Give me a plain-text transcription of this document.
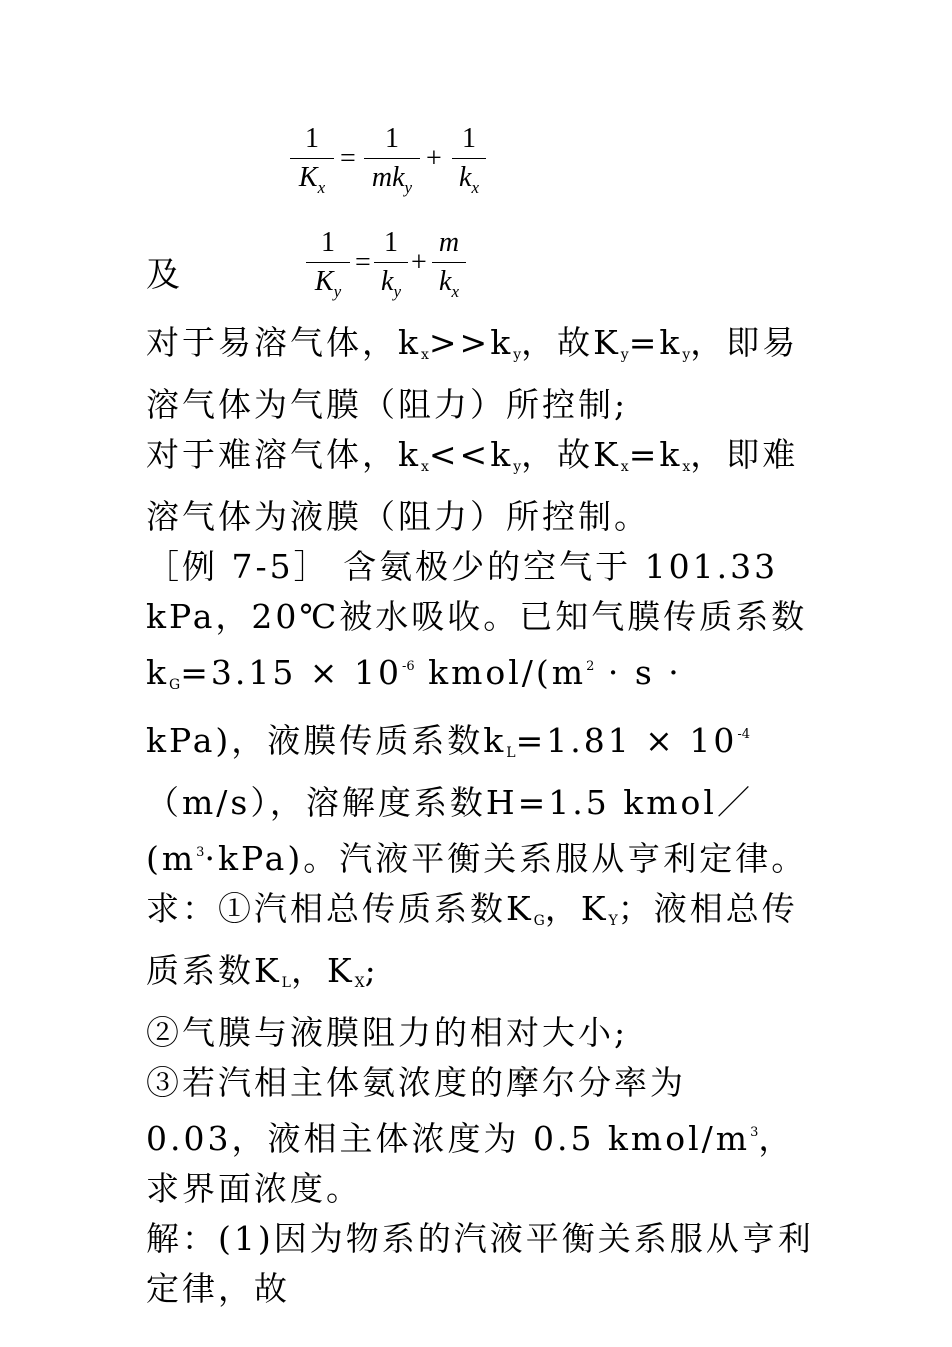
1
$K_x$
=
1
$mk_y$
+
1
$k_x$
及
1
$K_y$
=
1
$k_y$
+
m
$k_x$

对于易溶气体，kx>>ky，故Ky=ky，即易溶气体为气膜（阻力）所控制;

对于难溶气体，kx<<ky，故Kx=kx，即难溶气体为液膜（阻力）所控制。

［例 7-5］ 含氨极少的空气于 101.33 kPa，20℃被水吸收。已知气膜传质系数$kG=3.15 \times 10^{-6}$ kmol/$(m^2 \cdot s \cdot kPa)$，液膜传质系数$kL=1.81 \times 10^{-4}$ （m/s），溶解度系数H=1.5 $kmol/(m^3\cdot kPa)$。汽液平衡关系服从亨利定律。

求：①汽相总传质系数KG，KY；液相总传质系数KL，KX;

②气膜与液膜阻力的相对大小;

③若汽相主体氨浓度的摩尔分率为 0.03，液相主体浓度为 0.5 kmol/$m^3$，求界面浓度。

解：(1)因为物系的汽液平衡关系服从亨利定律，故
